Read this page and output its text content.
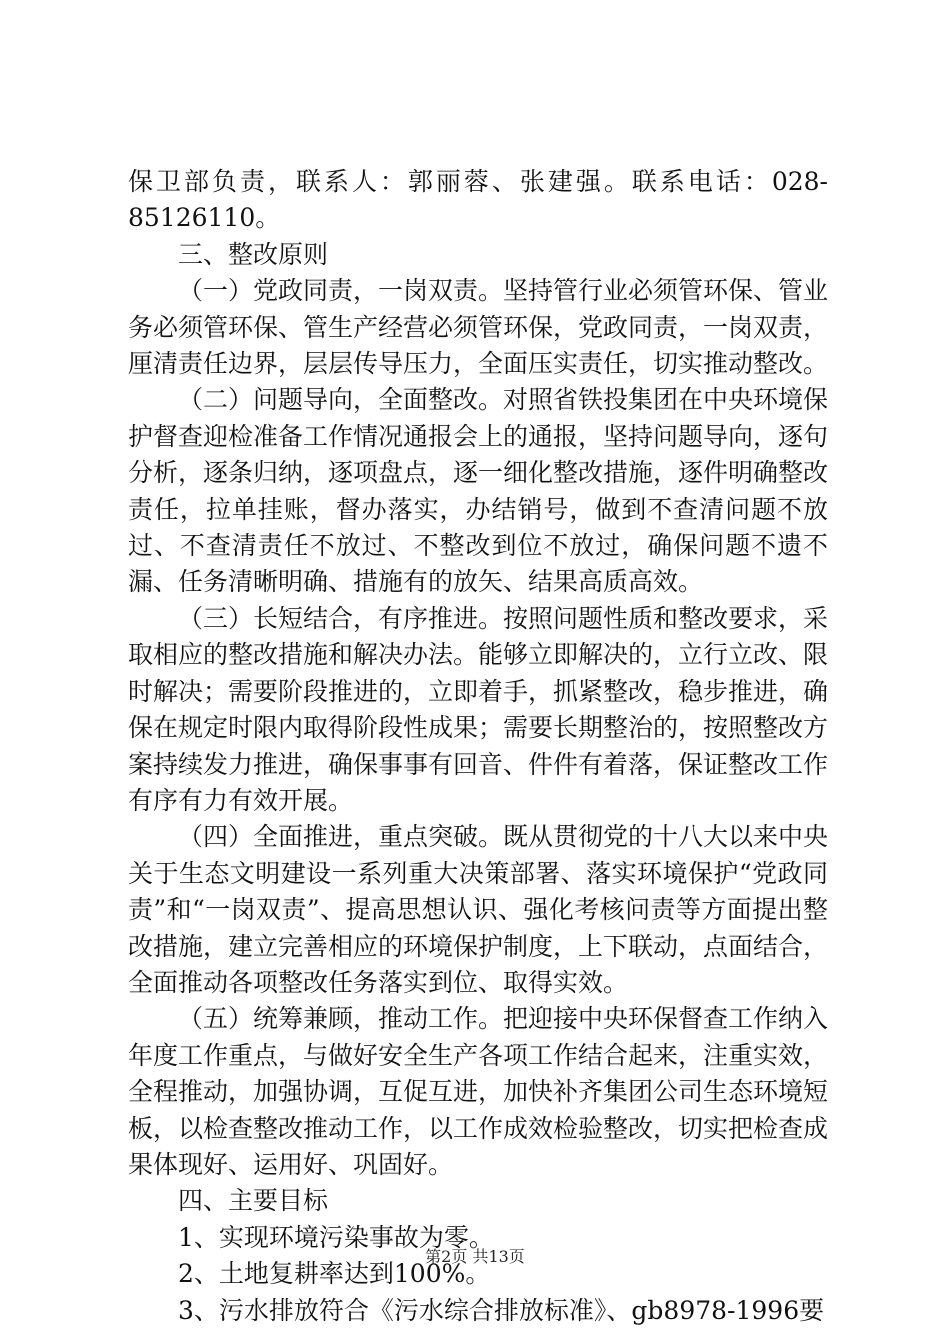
保卫部负责，联系人：郭丽蓉、张建强。联系电话：028-85126110。

三、整改原则

（一）党政同责，一岗双责。坚持管行业必须管环保、管业务必须管环保、管生产经营必须管环保，党政同责，一岗双责，厘清责任边界，层层传导压力，全面压实责任，切实推动整改。

（二）问题导向，全面整改。对照省铁投集团在中央环境保护督查迎检准备工作情况通报会上的通报，坚持问题导向，逐句分析，逐条归纳，逐项盘点，逐一细化整改措施，逐件明确整改责任，拉单挂账，督办落实，办结销号，做到不查清问题不放过、不查清责任不放过、不整改到位不放过，确保问题不遗不漏、任务清晰明确、措施有的放矢、结果高质高效。

（三）长短结合，有序推进。按照问题性质和整改要求，采取相应的整改措施和解决办法。能够立即解决的，立行立改、限时解决；需要阶段推进的，立即着手，抓紧整改，稳步推进，确保在规定时限内取得阶段性成果；需要长期整治的，按照整改方案持续发力推进，确保事事有回音、件件有着落，保证整改工作有序有力有效开展。

（四）全面推进，重点突破。既从贯彻党的十八大以来中央关于生态文明建设一系列重大决策部署、落实环境保护“党政同责”和“一岗双责”、提高思想认识、强化考核问责等方面提出整改措施，建立完善相应的环境保护制度，上下联动，点面结合，全面推动各项整改任务落实到位、取得实效。

（五）统筹兼顾，推动工作。把迎接中央环保督查工作纳入年度工作重点，与做好安全生产各项工作结合起来，注重实效，全程推动，加强协调，互促互进，加快补齐集团公司生态环境短板，以检查整改推动工作，以工作成效检验整改，切实把检查成果体现好、运用好、巩固好。

四、主要目标

1、实现环境污染事故为零。

2、土地复耕率达到100%。

3、污水排放符合《污水综合排放标准》、gb8978-1996要

第2页 共13页
